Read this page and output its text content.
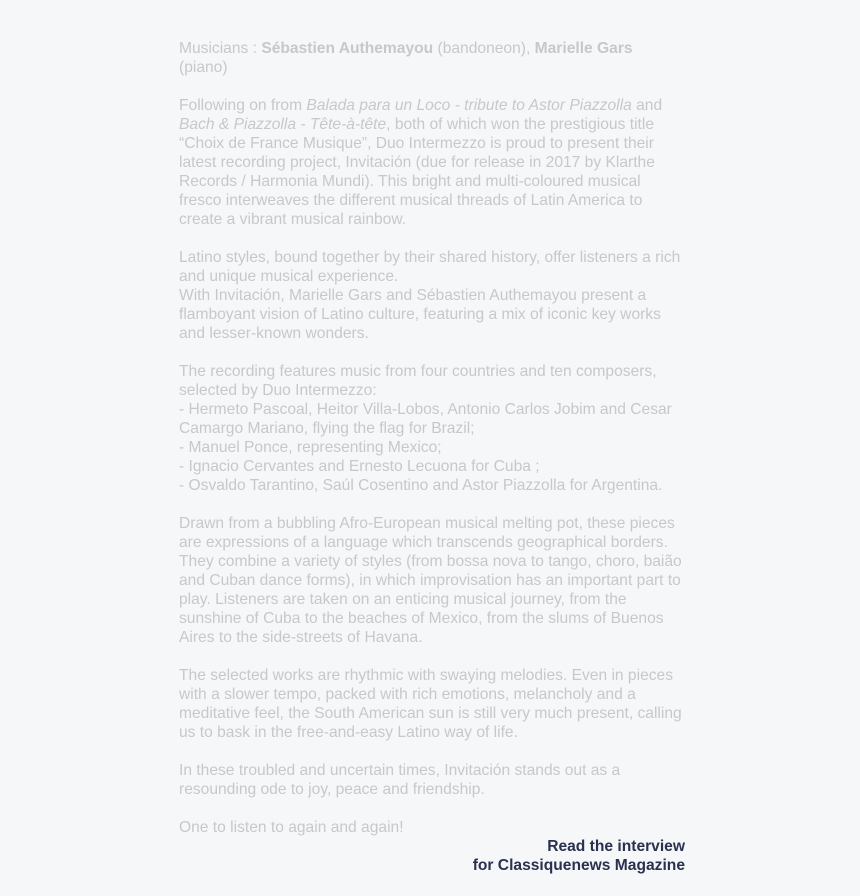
Musicians : Sébastien Authemayou (bandoneon), Marielle Gars (piano)

Following on from Balada para un Loco - tribute to Astor Piazzolla and Bach & Piazzolla - Tête-à-tête, both of which won the prestigious title “Choix de France Musique”, Duo Intermezzo is proud to present their latest recording project, Invitación (due for release in 2017 by Klarthe Records / Harmonia Mundi). This bright and multi-coloured musical fresco interweaves the different musical threads of Latin America to create a vibrant musical rainbow.

Latino styles, bound together by their shared history, offer listeners a rich and unique musical experience.
With Invitación, Marielle Gars and Sébastien Authemayou present a flamboyant vision of Latino culture, featuring a mix of iconic key works and lesser-known wonders.

The recording features music from four countries and ten composers, selected by Duo Intermezzo:
- Hermeto Pascoal, Heitor Villa-Lobos, Antonio Carlos Jobim and Cesar Camargo Mariano, flying the flag for Brazil;
- Manuel Ponce, representing Mexico;
- Ignacio Cervantes and Ernesto Lecuona for Cuba ;
- Osvaldo Tarantino, Saúl Cosentino and Astor Piazzolla for Argentina.

Drawn from a bubbling Afro-European musical melting pot, these pieces are expressions of a language which transcends geographical borders. They combine a variety of styles (from bossa nova to tango, choro, baião and Cuban dance forms), in which improvisation has an important part to play. Listeners are taken on an enticing musical journey, from the sunshine of Cuba to the beaches of Mexico, from the slums of Buenos Aires to the side-streets of Havana.

The selected works are rhythmic with swaying melodies. Even in pieces with a slower tempo, packed with rich emotions, melancholy and a meditative feel, the South American sun is still very much present, calling us to bask in the free-and-easy Latino way of life.

In these troubled and uncertain times, Invitación stands out as a resounding ode to joy, peace and friendship.

One to listen to again and again!

Read the interview
for Classiquenews Magazine
